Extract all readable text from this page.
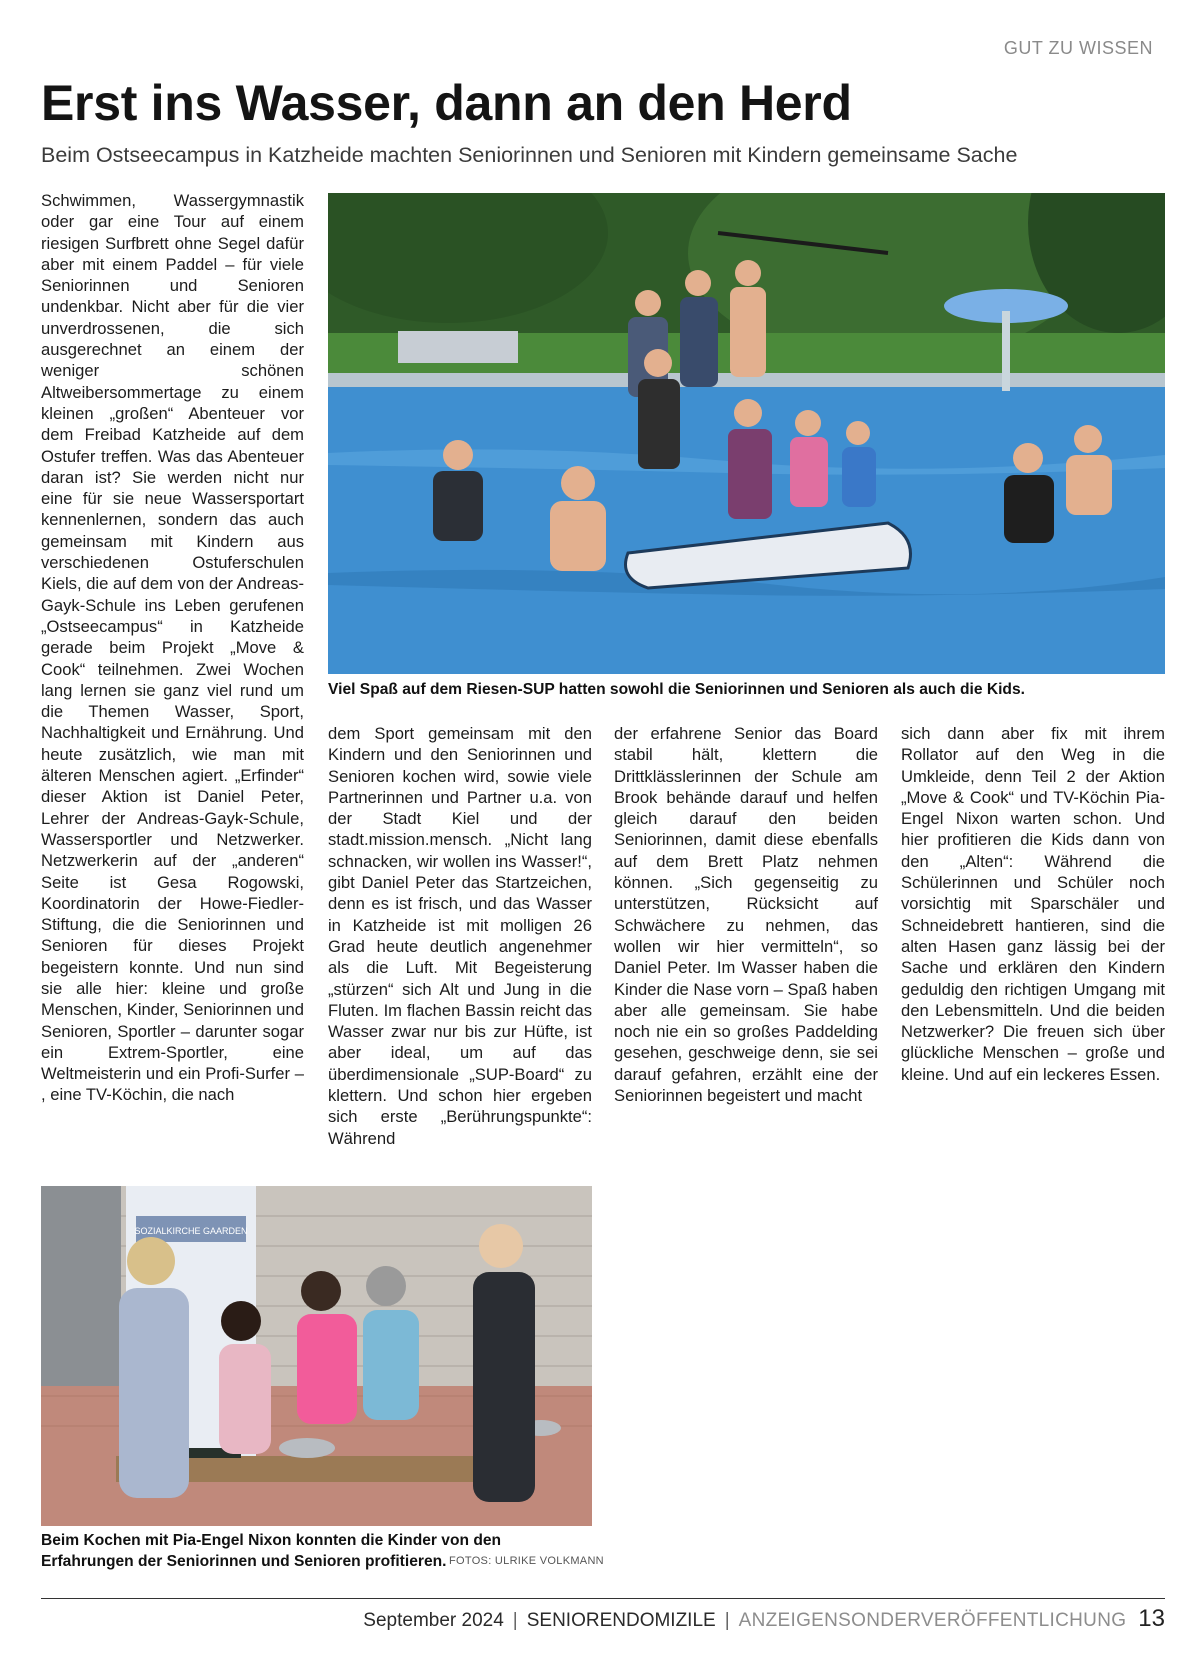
GUT ZU WISSEN
Erst ins Wasser, dann an den Herd
Beim Ostseecampus in Katzheide machten Seniorinnen und Senioren mit Kindern gemeinsame Sache

Schwimmen, Wassergymnastik oder gar eine Tour auf einem riesigen Surfbrett ohne Segel dafür aber mit einem Paddel – für viele Seniorinnen und Senioren undenkbar. Nicht aber für die vier unverdrossenen, die sich ausgerechnet an einem der weniger schönen Altweibersommertage zu einem kleinen „großen“ Abenteuer vor dem Freibad Katzheide auf dem Ostufer treffen. Was das Abenteuer daran ist? Sie werden nicht nur eine für sie neue Wassersportart kennenlernen, sondern das auch gemeinsam mit Kindern aus verschiedenen Ostuferschulen Kiels, die auf dem von der Andreas-Gayk-Schule ins Leben gerufenen „Ostseecampus“ in Katzheide gerade beim Projekt „Move & Cook“ teilnehmen. Zwei Wochen lang lernen sie ganz viel rund um die Themen Wasser, Sport, Nachhaltigkeit und Ernährung. Und heute zusätzlich, wie man mit älteren Menschen agiert. „Erfinder“ dieser Aktion ist Daniel Peter, Lehrer der Andreas-Gayk-Schule, Wassersportler und Netzwerker. Netzwerkerin auf der „anderen“ Seite ist Gesa Rogowski, Koordinatorin der Howe-Fiedler-Stiftung, die die Seniorinnen und Senioren für dieses Projekt begeistern konnte. Und nun sind sie alle hier: kleine und große Menschen, Kinder, Seniorinnen und Senioren, Sportler – darunter sogar ein Extrem-Sportler, eine Weltmeisterin und ein Profi-Surfer – , eine TV-Köchin, die nach

Viel Spaß auf dem Riesen-SUP hatten sowohl die Seniorinnen und Senioren als auch die Kids.

dem Sport gemeinsam mit den Kindern und den Seniorinnen und Senioren kochen wird, sowie viele Partnerinnen und Partner u.a. von der Stadt Kiel und der stadt.mission.mensch. „Nicht lang schnacken, wir wollen ins Wasser!“, gibt Daniel Peter das Startzeichen, denn es ist frisch, und das Wasser in Katzheide ist mit molligen 26 Grad heute deutlich angenehmer als die Luft. Mit Begeisterung „stürzen“ sich Alt und Jung in die Fluten. Im flachen Bassin reicht das Wasser zwar nur bis zur Hüfte, ist aber ideal, um auf das überdimensionale „SUP-Board“ zu klettern. Und schon hier ergeben sich erste „Berührungspunkte“: Während

der erfahrene Senior das Board stabil hält, klettern die Drittklässlerinnen der Schule am Brook behände darauf und helfen gleich darauf den beiden Seniorinnen, damit diese ebenfalls auf dem Brett Platz nehmen können. „Sich gegenseitig zu unterstützen, Rücksicht auf Schwächere zu nehmen, das wollen wir hier vermitteln“, so Daniel Peter. Im Wasser haben die Kinder die Nase vorn – Spaß haben aber alle gemeinsam. Sie habe noch nie ein so großes Paddelding gesehen, geschweige denn, sie sei darauf gefahren, erzählt eine der Seniorinnen begeistert und macht

sich dann aber fix mit ihrem Rollator auf den Weg in die Umkleide, denn Teil 2 der Aktion „Move & Cook“ und TV-Köchin Pia-Engel Nixon warten schon. Und hier profitieren die Kids dann von den „Alten“: Während die Schülerinnen und Schüler noch vorsichtig mit Sparschäler und Schneidebrett hantieren, sind die alten Hasen ganz lässig bei der Sache und erklären den Kindern geduldig den richtigen Umgang mit den Lebensmitteln. Und die beiden Netzwerker? Die freuen sich über glückliche Menschen – große und kleine. Und auf ein leckeres Essen.

SOZIALKIRCHE GAARDEN
Beim Kochen mit Pia-Engel Nixon konnten die Kinder von den Erfahrungen der Seniorinnen und Senioren profitieren. FOTOS: ULRIKE VOLKMANN
September 2024 | SENIORENDOMIZILE | ANZEIGENSONDERVERÖFFENTLICHUNG 13
